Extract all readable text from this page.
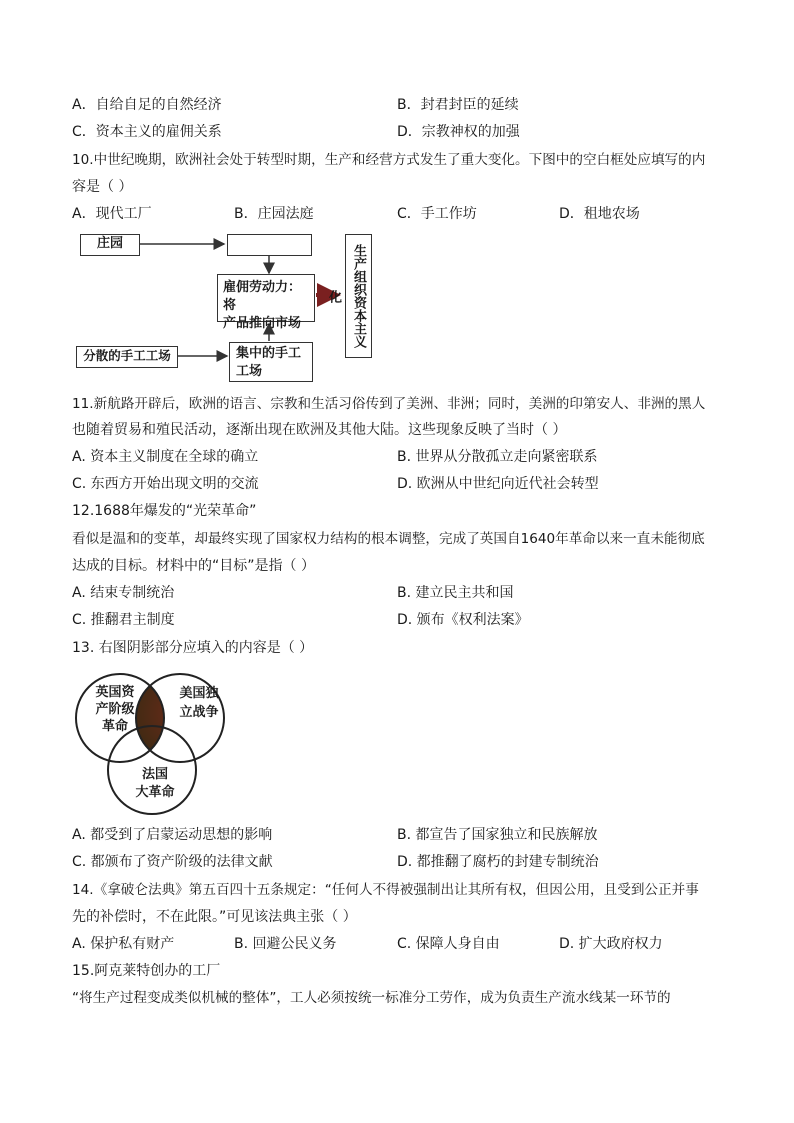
A．自给自足的自然经济	B．封君封臣的延续
C．资本主义的雇佣关系	D．宗教神权的加强
10.中世纪晚期，欧洲社会处于转型时期，生产和经营方式发生了重大变化。下图中的空白框处应填写的内
容是（ ）
A．现代工厂	B．庄园法庭	C．手工作坊	D．租地农场
庄园
雇佣劳动力：将
产品推向市场
分散的手工工场	集中的手工
工场
生产组织资本主义化
11.新航路开辟后，欧洲的语言、宗教和生活习俗传到了美洲、非洲；同时，美洲的印第安人、非洲的黑人
也随着贸易和殖民活动，逐渐出现在欧洲及其他大陆。这些现象反映了当时（ ）
A. 资本主义制度在全球的确立	B. 世界从分散孤立走向紧密联系
C. 东西方开始出现文明的交流	D. 欧洲从中世纪向近代社会转型
12.1688年爆发的“光荣革命”
看似是温和的变革，却最终实现了国家权力结构的根本调整，完成了英国自1640年革命以来一直未能彻底
达成的目标。材料中的“目标”是指（ ）
A. 结束专制统治	B. 建立民主共和国
C. 推翻君主制度	D. 颁布《权利法案》
13. 右图阴影部分应填入的内容是（ ）
英国资
产阶级
革命
美国独
立战争
法国
大革命
A. 都受到了启蒙运动思想的影响	B. 都宣告了国家独立和民族解放
C. 都颁布了资产阶级的法律文献	D. 都推翻了腐朽的封建专制统治
14.《拿破仑法典》第五百四十五条规定：“任何人不得被强制出让其所有权，但因公用，且受到公正并事
先的补偿时，不在此限。”可见该法典主张（ ）
A. 保护私有财产	B. 回避公民义务	C. 保障人身自由	D. 扩大政府权力
15.阿克莱特创办的工厂
“将生产过程变成类似机械的整体”，工人必须按统一标准分工劳作，成为负责生产流水线某一环节的
